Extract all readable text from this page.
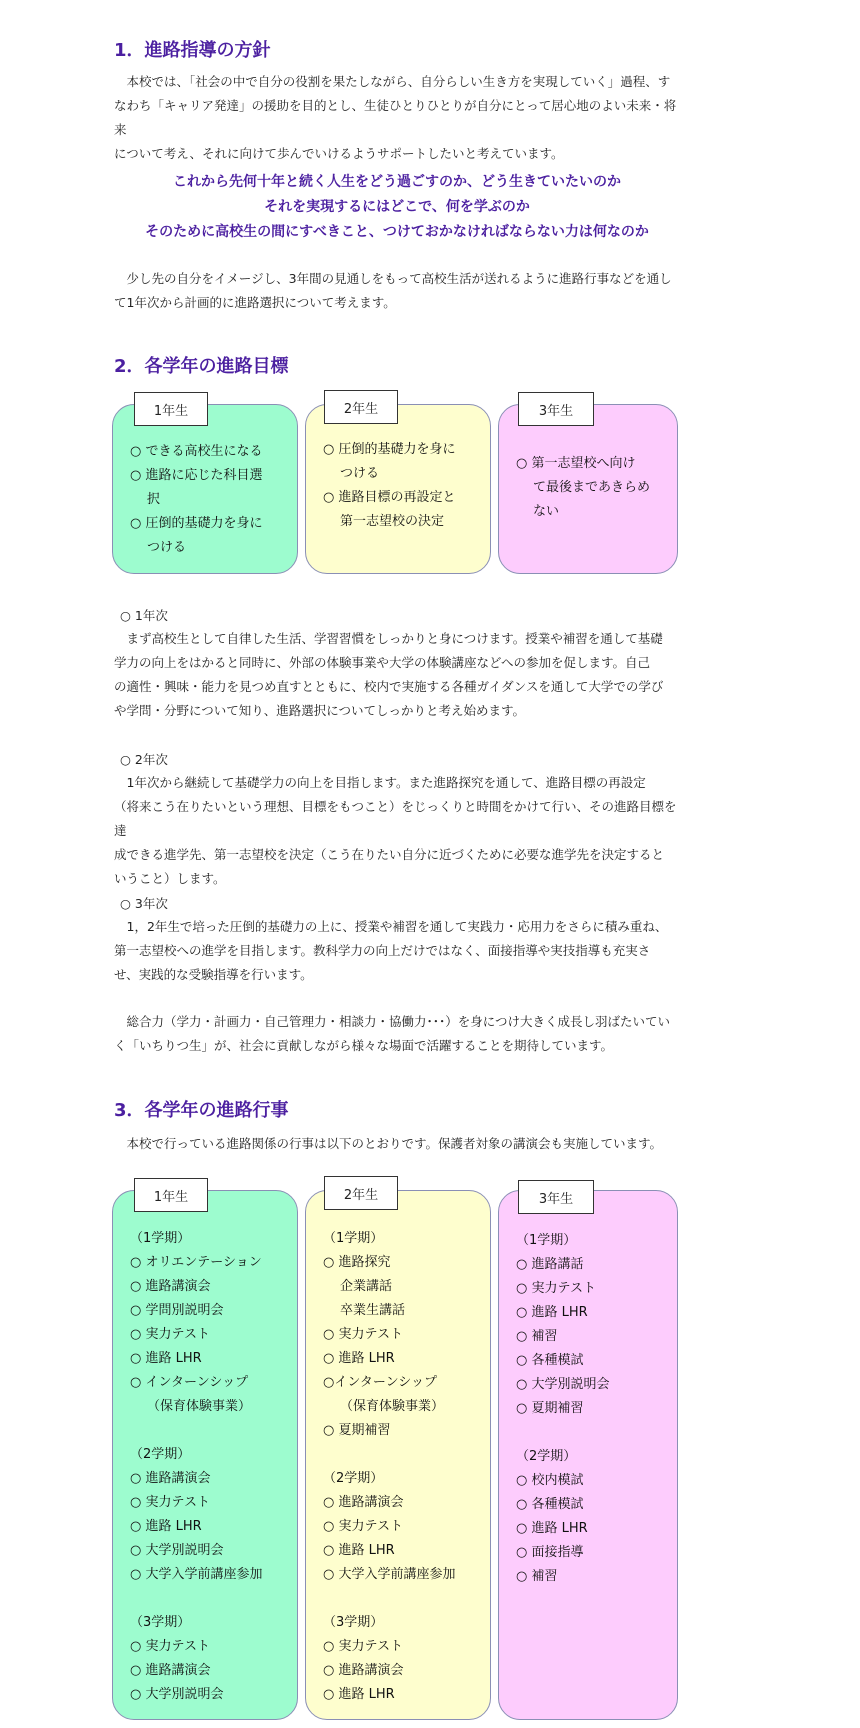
1．進路指導の方針
本校では、「社会の中で自分の役割を果たしながら、自分らしい生き方を実現していく」過程、す
なわち「キャリア発達」の援助を目的とし、生徒ひとりひとりが自分にとって居心地のよい未来・将来
について考え、それに向けて歩んでいけるようサポートしたいと考えています。
これから先何十年と続く人生をどう過ごすのか、どう生きていたいのか
それを実現するにはどこで、何を学ぶのか
そのために高校生の間にすべきこと、つけておかなければならない力は何なのか
少し先の自分をイメージし、3年間の見通しをもって高校生活が送れるように進路行事などを通し
て1年次から計画的に進路選択について考えます。
2．各学年の進路目標
1年生
○ できる高校生になる
○ 進路に応じた科目選
択
○ 圧倒的基礎力を身に
つける
2年生
○ 圧倒的基礎力を身に
つける
○ 進路目標の再設定と
第一志望校の決定
3年生
○ 第一志望校へ向け
て最後まであきらめ
ない
○ 1年次
まず高校生として自律した生活、学習習慣をしっかりと身につけます。授業や補習を通して基礎
学力の向上をはかると同時に、外部の体験事業や大学の体験講座などへの参加を促します。自己
の適性・興味・能力を見つめ直すとともに、校内で実施する各種ガイダンスを通して大学での学び
や学問・分野について知り、進路選択についてしっかりと考え始めます。
○ 2年次
1年次から継続して基礎学力の向上を目指します。また進路探究を通して、進路目標の再設定
（将来こう在りたいという理想、目標をもつこと）をじっくりと時間をかけて行い、その進路目標を達
成できる進学先、第一志望校を決定（こう在りたい自分に近づくために必要な進学先を決定すると
いうこと）します。
○ 3年次
1，2年生で培った圧倒的基礎力の上に、授業や補習を通して実践力・応用力をさらに積み重ね、
第一志望校への進学を目指します。教科学力の向上だけではなく、面接指導や実技指導も充実さ
せ、実践的な受験指導を行います。
総合力（学力・計画力・自己管理力・相談力・協働力･･･）を身につけ大きく成長し羽ばたいてい
く「いちりつ生」が、社会に貢献しながら様々な場面で活躍することを期待しています。
3．各学年の進路行事
本校で行っている進路関係の行事は以下のとおりです。保護者対象の講演会も実施しています。
1年生
（1学期）
○ オリエンテーション
○ 進路講演会
○ 学問別説明会
○ 実力テスト
○ 進路 LHR
○ インターンシップ
（保育体験事業）
（2学期）
○ 進路講演会
○ 実力テスト
○ 進路 LHR
○ 大学別説明会
○ 大学入学前講座参加
（3学期）
○ 実力テスト
○ 進路講演会
○ 大学別説明会
2年生
（1学期）
○ 進路探究
企業講話
卒業生講話
○ 実力テスト
○ 進路 LHR
○インターンシップ
（保育体験事業）
○ 夏期補習
（2学期）
○ 進路講演会
○ 実力テスト
○ 進路 LHR
○ 大学入学前講座参加
（3学期）
○ 実力テスト
○ 進路講演会
○ 進路 LHR
3年生
（1学期）
○ 進路講話
○ 実力テスト
○ 進路 LHR
○ 補習
○ 各種模試
○ 大学別説明会
○ 夏期補習
（2学期）
○ 校内模試
○ 各種模試
○ 進路 LHR
○ 面接指導
○ 補習
